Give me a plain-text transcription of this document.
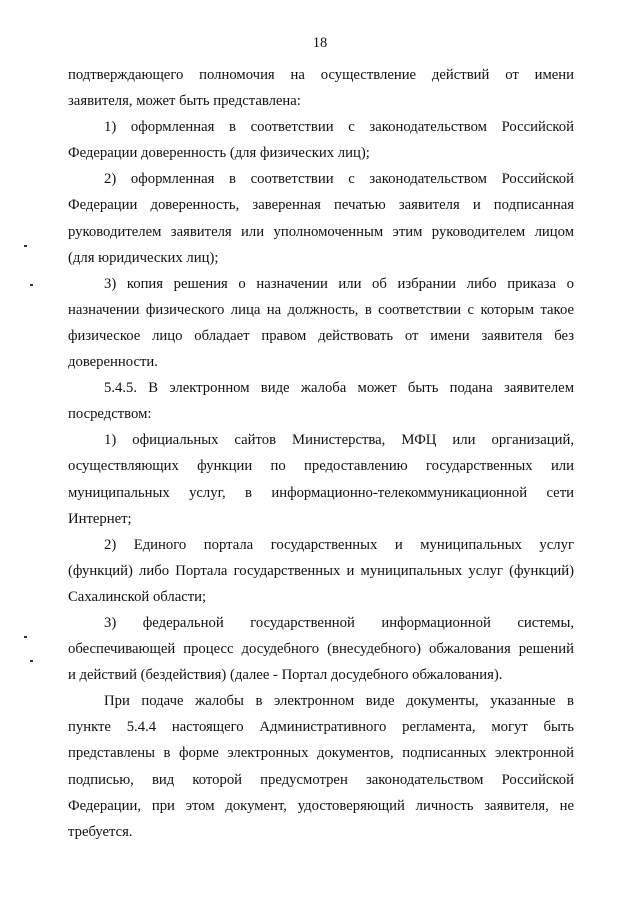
18

подтверждающего полномочия на осуществление действий от имени

заявителя, может быть представлена:

1) оформленная в соответствии с законодательством Российской

Федерации доверенность (для физических лиц);

2) оформленная в соответствии с законодательством Российской

Федерации доверенность, заверенная печатью заявителя и подписанная

руководителем заявителя или уполномоченным этим руководителем лицом

(для юридических лиц);

3) копия решения о назначении или об избрании либо приказа о

назначении физического лица на должность, в соответствии с которым такое

физическое лицо обладает правом действовать от имени заявителя без

доверенности.

5.4.5. В электронном виде жалоба может быть подана заявителем

посредством:

1) официальных сайтов Министерства, МФЦ или организаций,

осуществляющих функции по предоставлению государственных или

муниципальных услуг, в информационно-телекоммуникационной сети

Интернет;

2) Единого портала государственных и муниципальных услуг

(функций) либо Портала государственных и муниципальных услуг (функций)

Сахалинской области;

3) федеральной государственной информационной системы,

обеспечивающей процесс досудебного (внесудебного) обжалования решений

и действий (бездействия) (далее - Портал досудебного обжалования).

При подаче жалобы в электронном виде документы, указанные в

пункте 5.4.4 настоящего Административного регламента, могут быть

представлены в форме электронных документов, подписанных электронной

подписью, вид которой предусмотрен законодательством Российской

Федерации, при этом документ, удостоверяющий личность заявителя, не

требуется.
